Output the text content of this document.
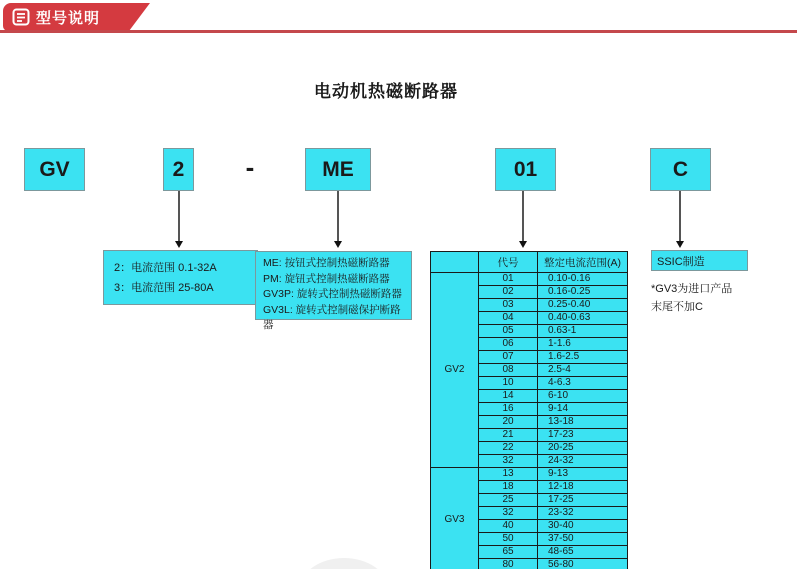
型号说明
电动机热磁断路器
GV	2	-	ME	01	C
2：电流范围 0.1-32A
3：电流范围 25-80A
ME: 按钮式控制热磁断路器
PM: 旋钮式控制热磁断路器
GV3P: 旋转式控制热磁断路器
GV3L: 旋转式控制磁保护断路器
	代号	整定电流范围(A)
GV2	01	0.10-0.16
	02	0.16-0.25
	03	0.25-0.40
	04	0.40-0.63
	05	0.63-1
	06	1-1.6
	07	1.6-2.5
	08	2.5-4
	10	4-6.3
	14	6-10
	16	9-14
	20	13-18
	21	17-23
	22	20-25
	32	24-32
GV3	13	9-13
	18	12-18
	25	17-25
	32	23-32
	40	30-40
	50	37-50
	65	48-65
	80	56-80
SSIC制造
*GV3为进口产品
末尾不加C
